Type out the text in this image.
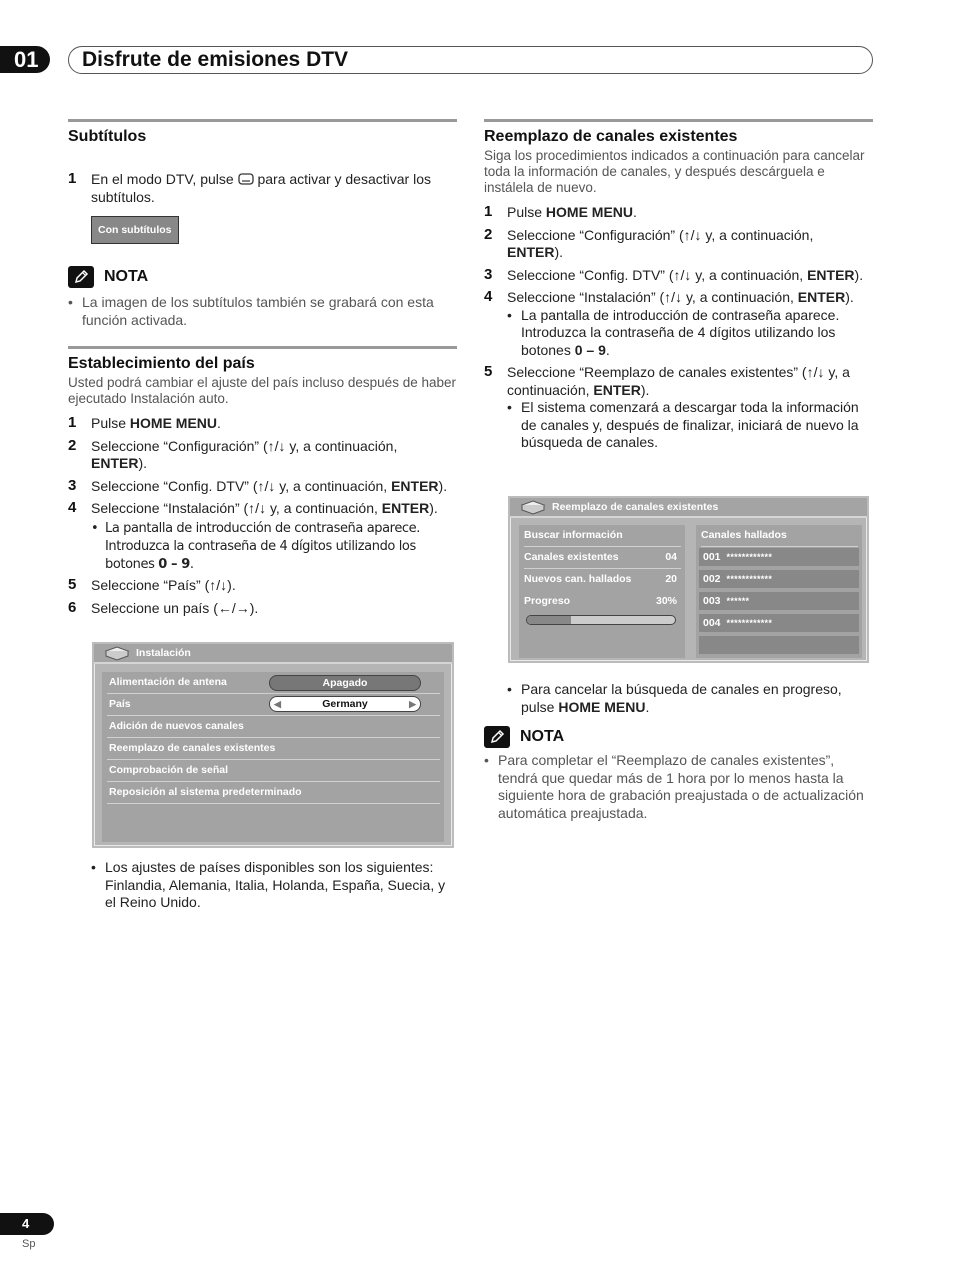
01	Disfrute de emisiones DTV
Subtítulos
1 En el modo DTV, pulse para activar y desactivar los subtítulos.
Con subtítulos
NOTA
• La imagen de los subtítulos también se grabará con esta función activada.
Establecimiento del país
Usted podrá cambiar el ajuste del país incluso después de haber ejecutado Instalación auto.
1 Pulse HOME MENU.
2 Seleccione “Configuración” (↑/↓ y, a continuación, ENTER).
3 Seleccione “Config. DTV” (↑/↓ y, a continuación, ENTER).
4 Seleccione “Instalación” (↑/↓ y, a continuación, ENTER).
• La pantalla de introducción de contraseña aparece. Introduzca la contraseña de 4 dígitos utilizando los botones 0 – 9.
5 Seleccione “País” (↑/↓).
6 Seleccione un país (←/→).
Instalación
Alimentación de antena	Apagado
País	◀	Germany	▶
Adición de nuevos canales
Reemplazo de canales existentes
Comprobación de señal
Reposición al sistema predeterminado
• Los ajustes de países disponibles son los siguientes: Finlandia, Alemania, Italia, Holanda, España, Suecia, y el Reino Unido.
Reemplazo de canales existentes
Siga los procedimientos indicados a continuación para cancelar toda la información de canales, y después descárguela e instálela de nuevo.
1 Pulse HOME MENU.
2 Seleccione “Configuración” (↑/↓ y, a continuación, ENTER).
3 Seleccione “Config. DTV” (↑/↓ y, a continuación, ENTER).
4 Seleccione “Instalación” (↑/↓ y, a continuación, ENTER).
• La pantalla de introducción de contraseña aparece. Introduzca la contraseña de 4 dígitos utilizando los botones 0 – 9.
5 Seleccione “Reemplazo de canales existentes” (↑/↓ y, a continuación, ENTER).
• El sistema comenzará a descargar toda la información de canales y, después de finalizar, iniciará de nuevo la búsqueda de canales.
Reemplazo de canales existentes
Buscar información
Canales existentes	04
Nuevos can. hallados	20
Progreso	30%
Canales hallados
001 ************
002 ************
003 ******
004 ************
• Para cancelar la búsqueda de canales en progreso, pulse HOME MENU.
NOTA
• Para completar el “Reemplazo de canales existentes”, tendrá que quedar más de 1 hora por lo menos hasta la siguiente hora de grabación preajustada o de actualización automática preajustada.
4
Sp
